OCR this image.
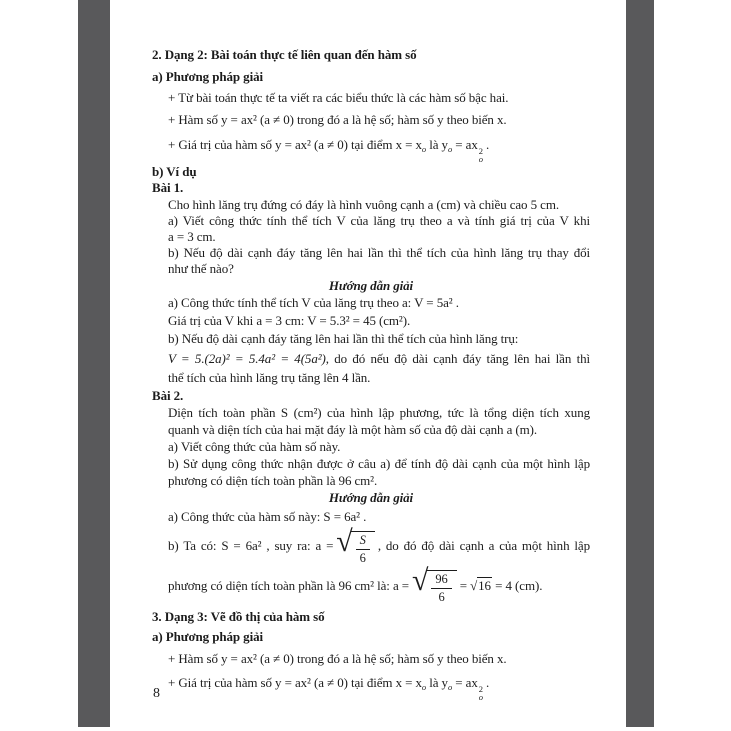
2. Dạng 2: Bài toán thực tế liên quan đến hàm số
a) Phương pháp giải
+ Từ bài toán thực tế ta viết ra các biểu thức là các hàm số bậc hai.
+ Hàm số y = ax² (a ≠ 0) trong đó a là hệ số; hàm số y theo biến x.
+ Giá trị của hàm số y = ax² (a ≠ 0) tại điểm $x = x_o$ là $y_o$ = ax 2
o
.
b) Ví dụ
Bài 1.
Cho hình lăng trụ đứng có đáy là hình vuông cạnh a (cm) và chiều cao 5 cm.
a) Viết công thức tính thể tích V của lăng trụ theo a và tính giá trị của V khi
a = 3 cm.
b) Nếu độ dài cạnh đáy tăng lên hai lần thì thể tích của hình lăng trụ thay đổi
như thế nào?
Hướng dẫn giải
a) Công thức tính thể tích V của lăng trụ theo a: V = 5a² .
Giá trị của V khi a = 3 cm: V = 5.3² = 45 (cm²).
b) Nếu độ dài cạnh đáy tăng lên hai lần thì thể tích của hình lăng trụ:
V = 5.(2a)² = 5.4a² = 4(5a²), do đó nếu độ dài cạnh đáy tăng lên hai lần thì
thể tích của hình lăng trụ tăng lên 4 lần.
Bài 2.
Diện tích toàn phần S (cm²) của hình lập phương, tức là tổng diện tích xung
quanh và diện tích của hai mặt đáy là một hàm số của độ dài cạnh a (m).
a) Viết công thức của hàm số này.
b) Sử dụng công thức nhận được ở câu a) để tính độ dài cạnh của một hình lập
phương có diện tích toàn phần là 96 cm².
Hướng dẫn giải
a) Công thức của hàm số này: S = 6a² .
b) Ta có: S = 6a² , suy ra: a = √
$\frac{S}{6}$ , do đó độ dài cạnh a của một hình lập
phương có diện tích toàn phần là 96 cm² là: a = √
$\frac{96}{6} = √16 = 4$ (cm).
3. Dạng 3: Vẽ đồ thị của hàm số
a) Phương pháp giải
+ Hàm số y = ax² (a ≠ 0) trong đó a là hệ số; hàm số y theo biến x.
+ Giá trị của hàm số y = ax² (a ≠ 0) tại điểm $x = x_o$ là $y_o$ = ax 2
o
.
8
